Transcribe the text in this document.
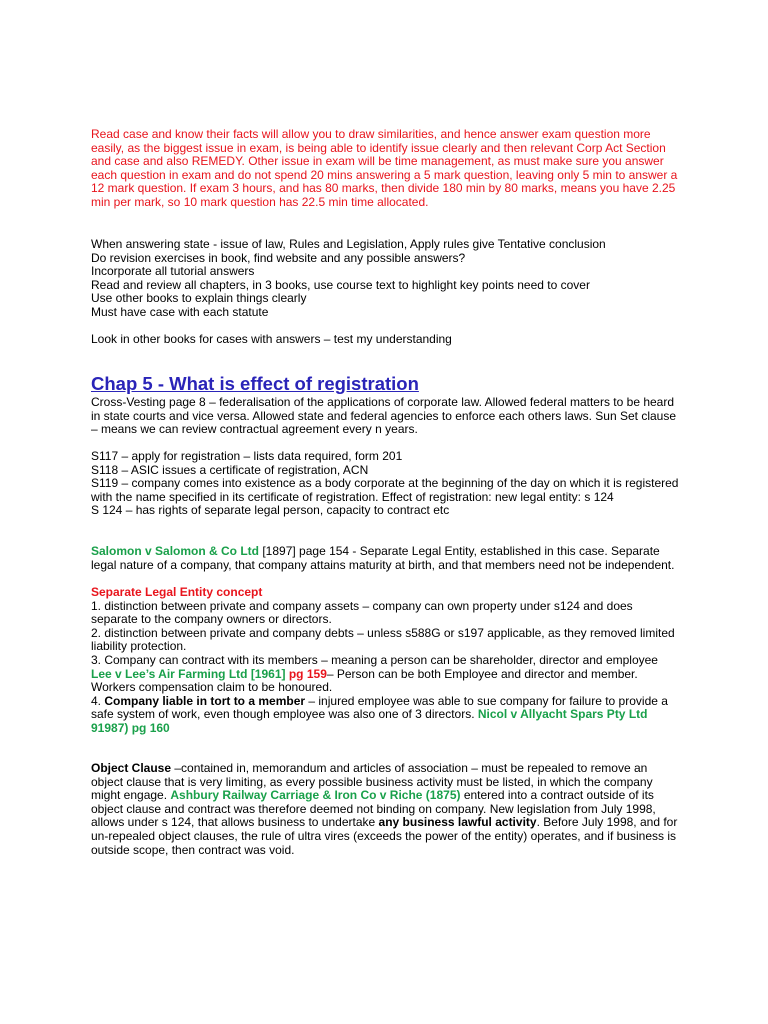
Read case and know their facts will allow you to draw similarities, and hence answer exam question more easily, as the biggest issue in exam, is being able to identify issue clearly and then relevant Corp Act Section and case and also REMEDY. Other issue in exam will be time management, as must make sure you answer each question in exam and do not spend 20 mins answering a 5 mark question, leaving only 5 min to answer a 12 mark question. If exam 3 hours, and has 80 marks, then divide 180 min by 80 marks, means you have 2.25 min per mark, so 10 mark question has 22.5 min time allocated.
When answering state - issue of law, Rules and Legislation, Apply rules give Tentative conclusion
Do revision exercises in book, find website and any possible answers?
Incorporate all tutorial answers
Read and review all chapters, in 3 books, use course text to highlight key points need to cover
Use other books to explain things clearly
Must have case with each statute
Look in other books for cases with answers – test my understanding
Chap 5 - What is effect of registration
Cross-Vesting page 8 – federalisation of the applications of corporate law. Allowed federal matters to be heard in state courts and vice versa. Allowed state and federal agencies to enforce each others laws. Sun Set clause – means we can review contractual agreement every n years.
S117 – apply for registration – lists data required, form 201
S118 – ASIC issues a certificate of registration, ACN
S119 – company comes into existence as a body corporate at the beginning of the day on which it is registered with the name specified in its certificate of registration. Effect of registration: new legal entity: s 124
S 124 – has rights of separate legal person, capacity to contract etc
Salomon v Salomon & Co Ltd [1897] page 154 - Separate Legal Entity, established in this case. Separate legal nature of a company, that company attains maturity at birth, and that members need not be independent.
Separate Legal Entity concept
1. distinction between private and company assets – company can own property under s124 and does separate to the company owners or directors.
2. distinction between private and company debts – unless s588G or s197 applicable, as they removed limited liability protection.
3. Company can contract with its members – meaning a person can be shareholder, director and employee
Lee v Lee’s Air Farming Ltd [1961] pg 159– Person can be both Employee and director and member. Workers compensation claim to be honoured.
4. Company liable in tort to a member – injured employee was able to sue company for failure to provide a safe system of work, even though employee was also one of 3 directors. Nicol v Allyacht Spars Pty Ltd 91987) pg 160
Object Clause –contained in, memorandum and articles of association – must be repealed to remove an object clause that is very limiting, as every possible business activity must be listed, in which the company might engage. Ashbury Railway Carriage & Iron Co v Riche (1875) entered into a contract outside of its object clause and contract was therefore deemed not binding on company. New legislation from July 1998, allows under s 124, that allows business to undertake any business lawful activity. Before July 1998, and for un-repealed object clauses, the rule of ultra vires (exceeds the power of the entity) operates, and if business is outside scope, then contract was void.
